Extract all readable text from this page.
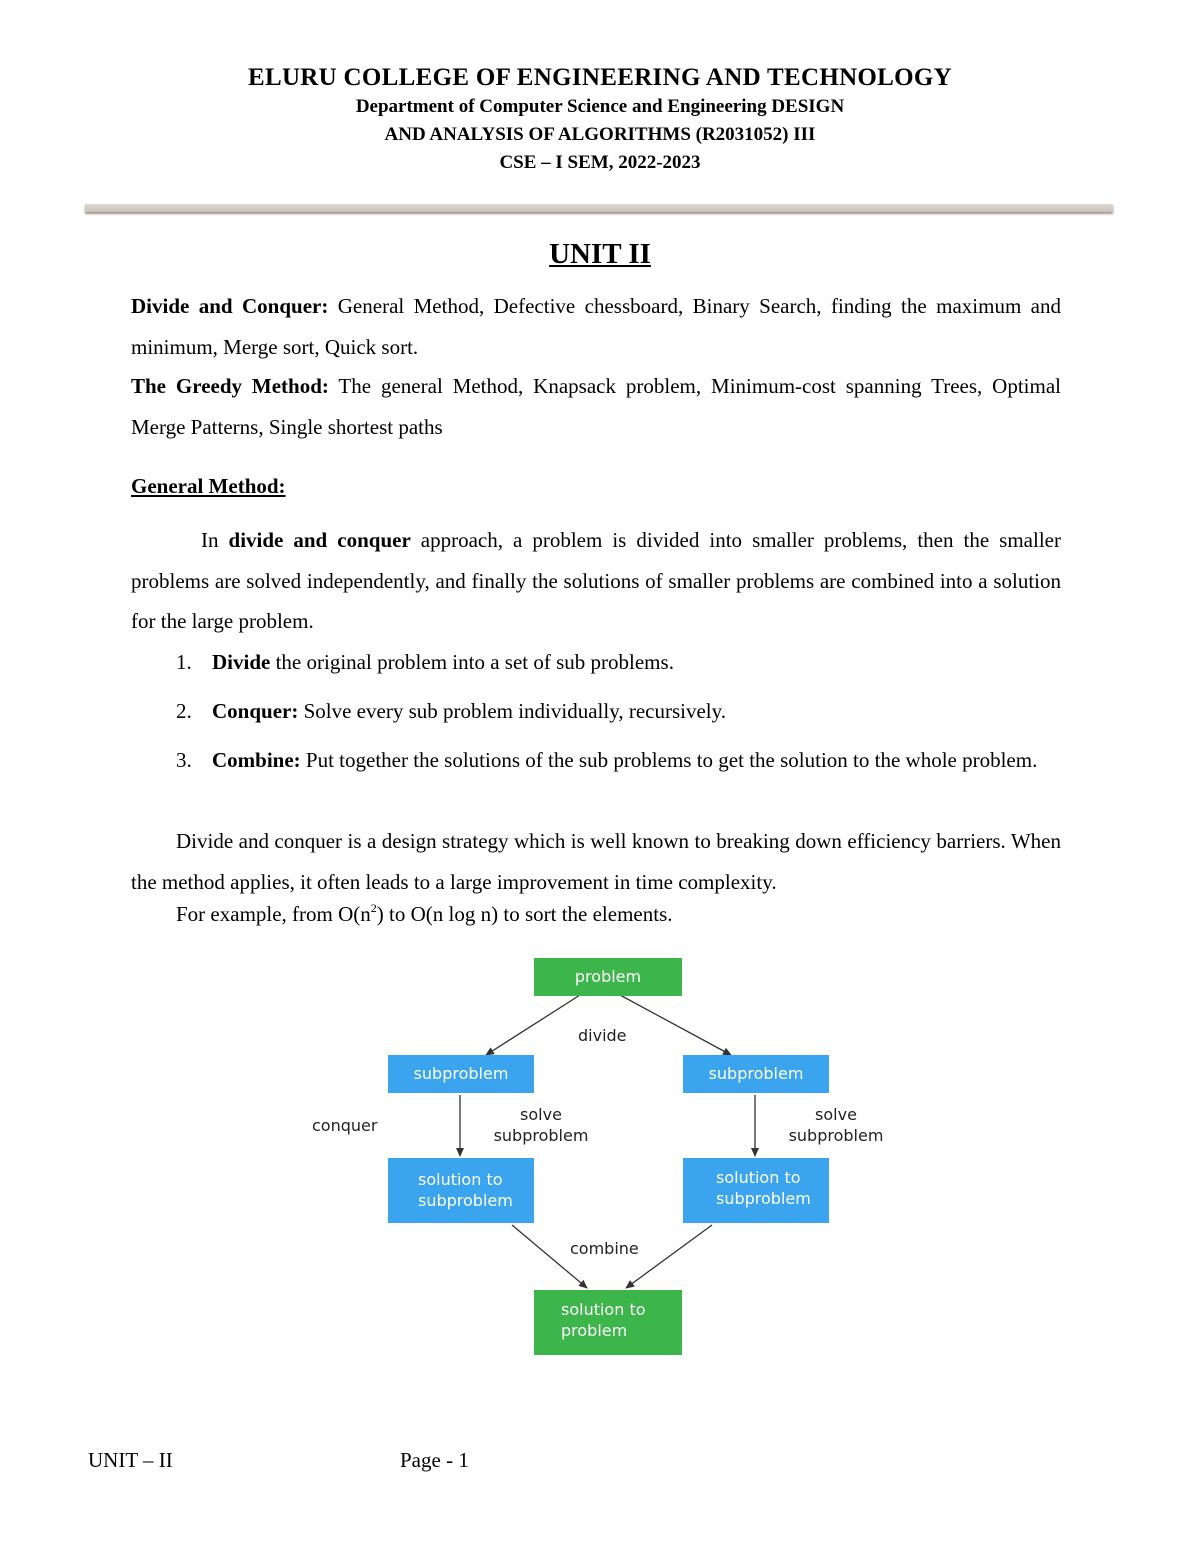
ELURU COLLEGE OF ENGINEERING AND TECHNOLOGY
Department of Computer Science and Engineering DESIGN
AND ANALYSIS OF ALGORITHMS (R2031052) III
CSE – I SEM, 2022-2023
UNIT II
Divide and Conquer: General Method, Defective chessboard, Binary Search, finding the maximum and minimum, Merge sort, Quick sort.
The Greedy Method: The general Method, Knapsack problem, Minimum-cost spanning Trees, Optimal Merge Patterns, Single shortest paths
General Method:
In divide and conquer approach, a problem is divided into smaller problems, then the smaller problems are solved independently, and finally the solutions of smaller problems are combined into a solution for the large problem.
1. Divide the original problem into a set of sub problems.
2. Conquer: Solve every sub problem individually, recursively.
3. Combine: Put together the solutions of the sub problems to get the solution to the whole problem.
Divide and conquer is a design strategy which is well known to breaking down efficiency barriers. When the method applies, it often leads to a large improvement in time complexity.
For example, from $O(n^2)$ to O(n log n) to sort the elements.
problem
divide
subproblem	subproblem
conquer
solve
subproblem
solve
subproblem
solution to
subproblem
solution to
subproblem
combine
solution to
problem
UNIT – II	Page - 1
